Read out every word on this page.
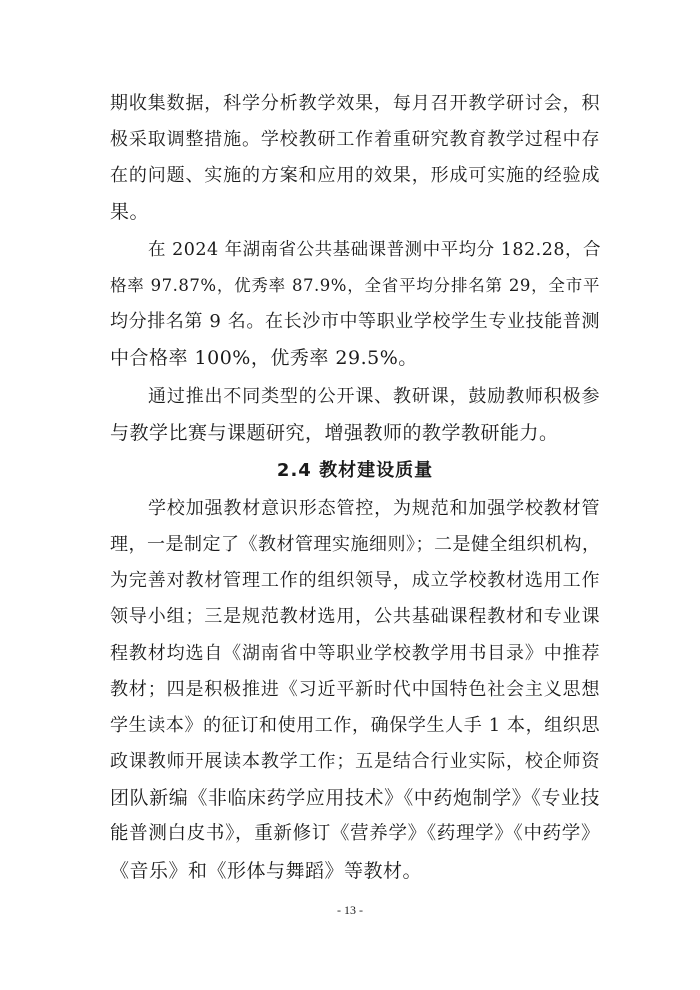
期收集数据，科学分析教学效果，每月召开教学研讨会，积
极采取调整措施。学校教研工作着重研究教育教学过程中存
在的问题、实施的方案和应用的效果，形成可实施的经验成
果。
在 2024 年湖南省公共基础课普测中平均分 182.28，合
格率 97.87%，优秀率 87.9%，全省平均分排名第 29，全市平
均分排名第 9 名。在长沙市中等职业学校学生专业技能普测
中合格率 100%，优秀率 29.5%。
通过推出不同类型的公开课、教研课，鼓励教师积极参
与教学比赛与课题研究，增强教师的教学教研能力。
2.4 教材建设质量
学校加强教材意识形态管控，为规范和加强学校教材管
理，一是制定了《教材管理实施细则》；二是健全组织机构，
为完善对教材管理工作的组织领导，成立学校教材选用工作
领导小组；三是规范教材选用，公共基础课程教材和专业课
程教材均选自《湖南省中等职业学校教学用书目录》中推荐
教材；四是积极推进《习近平新时代中国特色社会主义思想
学生读本》的征订和使用工作，确保学生人手 1 本，组织思
政课教师开展读本教学工作；五是结合行业实际，校企师资
团队新编《非临床药学应用技术》《中药炮制学》《专业技
能普测白皮书》，重新修订《营养学》《药理学》《中药学》
《音乐》和《形体与舞蹈》等教材。
- 13 -
